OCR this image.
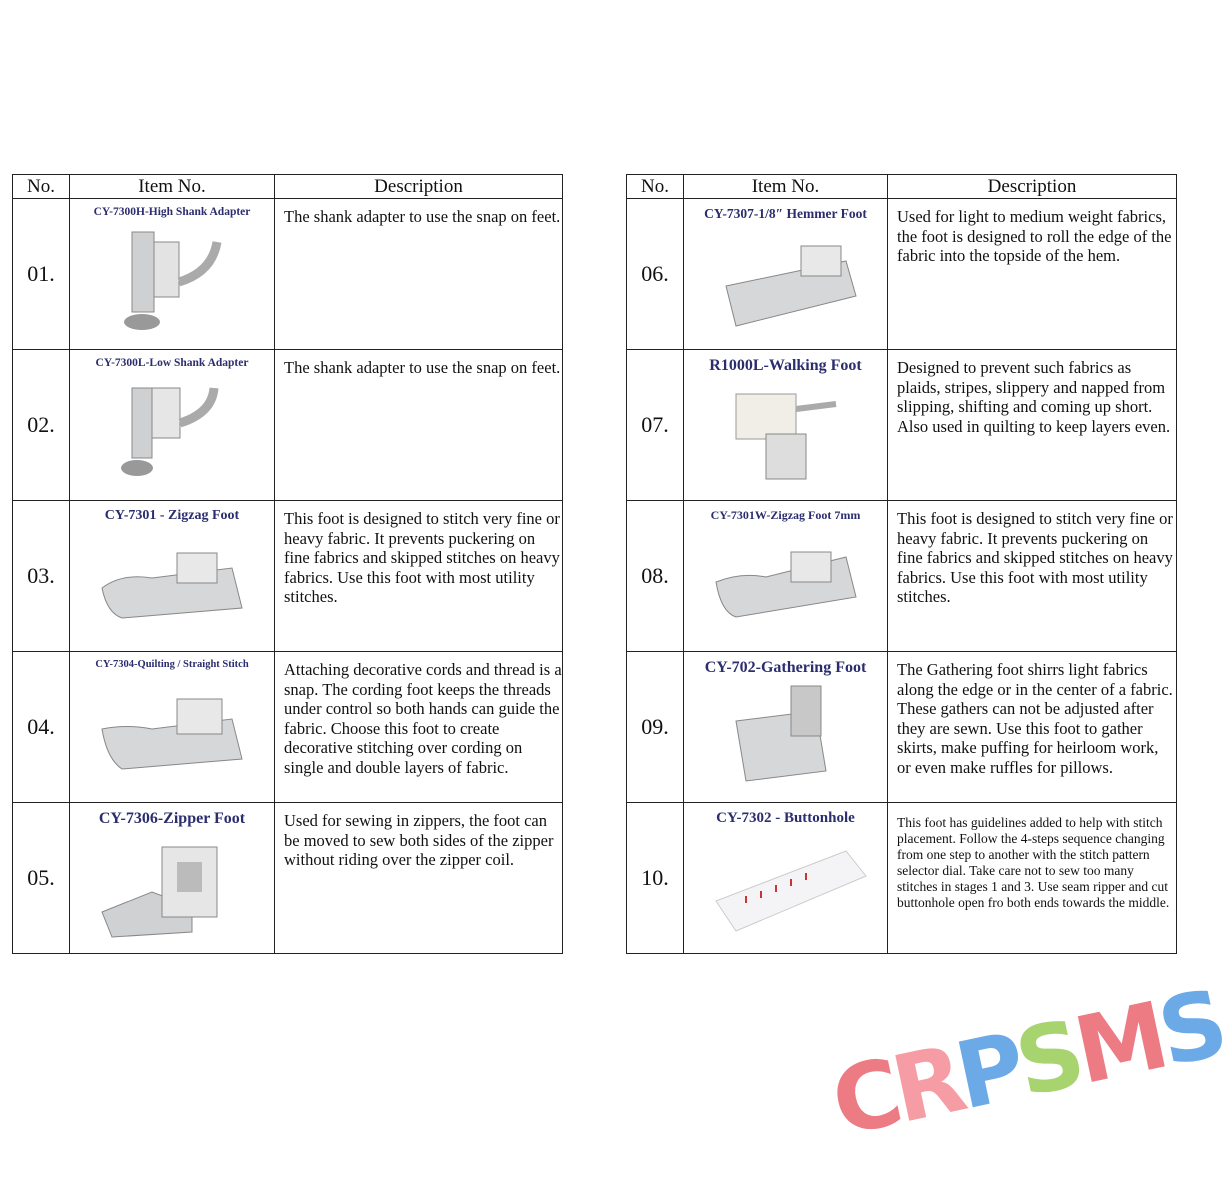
No.	Item No.	Description
01.	CY-7300H-High Shank Adapter	The shank adapter to use the snap on feet.

02.	CY-7300L-Low Shank Adapter	The shank adapter to use the snap on feet.

03.	CY-7301 - Zigzag Foot	This foot is designed to stitch very fine or heavy fabric. It prevents puckering on fine fabrics and skipped stitches on heavy fabrics. Use this foot with most utility stitches.

04.	CY-7304-Quilting / Straight Stitch	Attaching decorative cords and thread is a snap. The cording foot keeps the threads under control so both hands can guide the fabric. Choose this foot to create decorative stitching over cording on single and double layers of fabric.

05.	CY-7306-Zipper Foot	Used for sewing in zippers, the foot can be moved to sew both sides of the zipper without riding over the zipper coil.
No.	Item No.	Description
06.	CY-7307-1/8″ Hemmer Foot	Used for light to medium weight fabrics, the foot is designed to roll the edge of the fabric into the topside of the hem.

07.	R1000L-Walking Foot	Designed to prevent such fabrics as plaids, stripes, slippery and napped from slipping, shifting and coming up short. Also used in quilting to keep layers even.

08.	CY-7301W-Zigzag Foot 7mm	This foot is designed to stitch very fine or heavy fabric. It prevents puckering on fine fabrics and skipped stitches on heavy fabrics. Use this foot with most utility stitches.

09.	CY-702-Gathering Foot	The Gathering foot shirrs light fabrics along the edge or in the center of a fabric. These gathers can not be adjusted after they are sewn. Use this foot to gather skirts, make puffing for heirloom work, or even make ruffles for pillows.

10.	CY-7302 - Buttonhole	This foot has guidelines added to help with stitch placement. Follow the 4-steps sequence changing from one step to another with the stitch pattern selector dial. Take care not to sew too many stitches in stages 1 and 3. Use seam ripper and cut buttonhole open fro both ends towards the middle.
CRPSMS
